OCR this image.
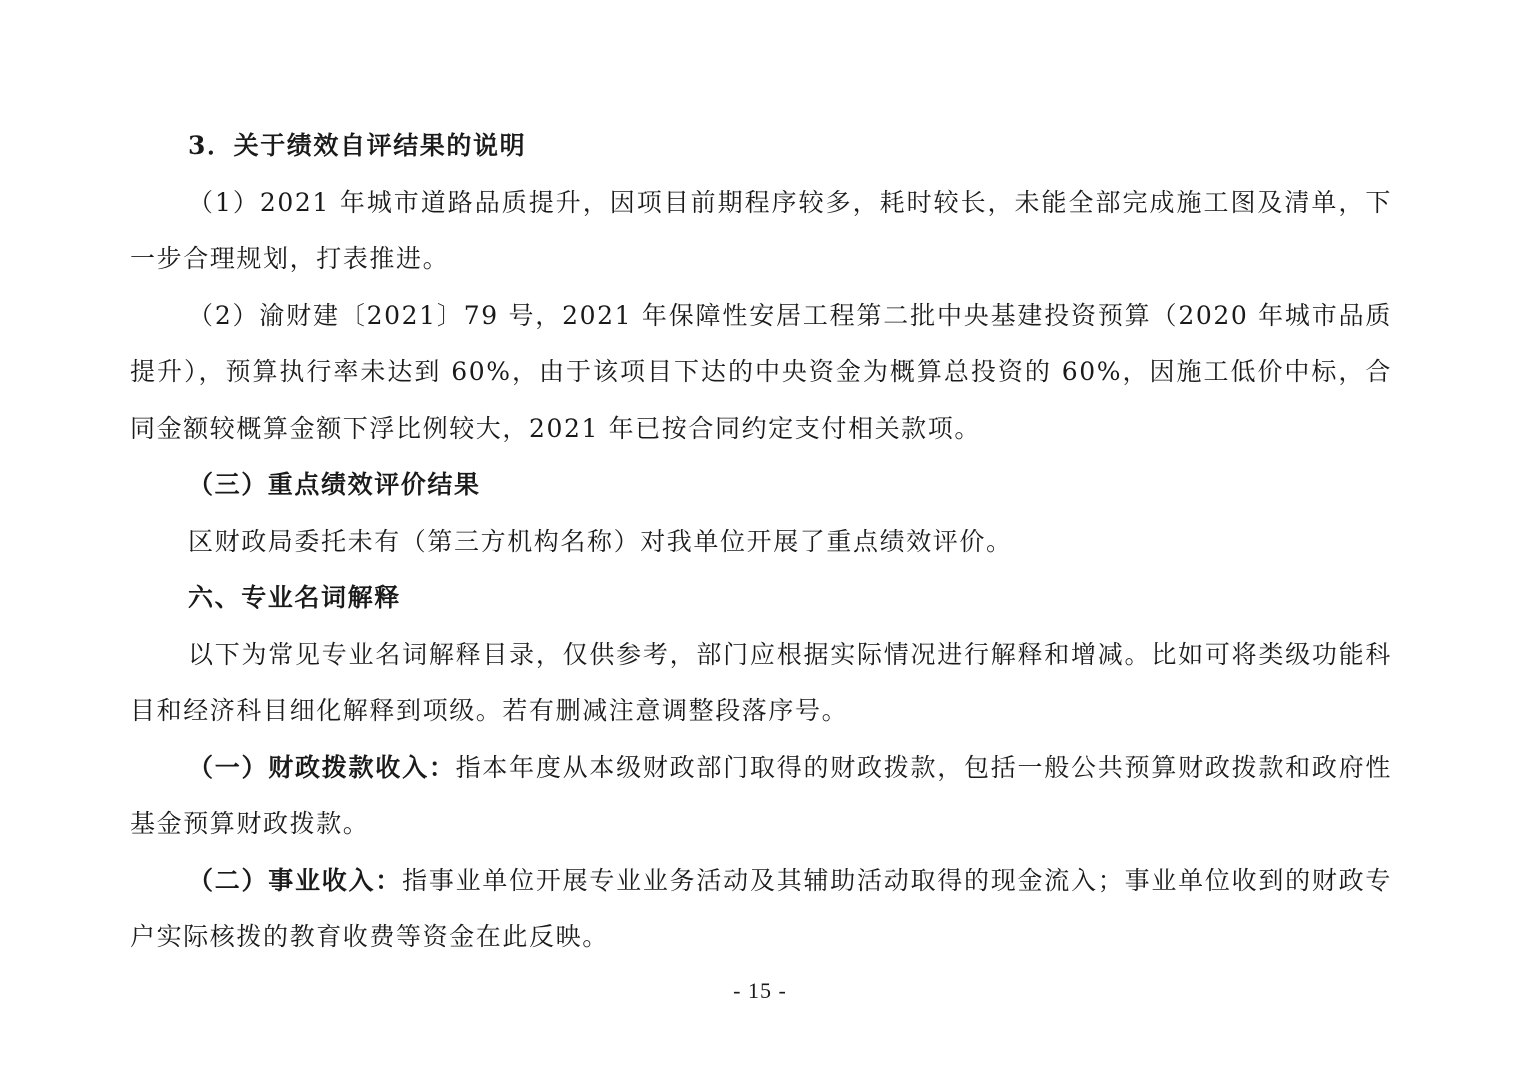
3．关于绩效自评结果的说明

（1）2021 年城市道路品质提升，因项目前期程序较多，耗时较长，未能全部完成施工图及清单，下一步合理规划，打表推进。

（2）渝财建〔2021〕79 号，2021 年保障性安居工程第二批中央基建投资预算（2020 年城市品质提升），预算执行率未达到 60%，由于该项目下达的中央资金为概算总投资的 60%，因施工低价中标，合同金额较概算金额下浮比例较大，2021 年已按合同约定支付相关款项。

（三）重点绩效评价结果

区财政局委托未有（第三方机构名称）对我单位开展了重点绩效评价。

六、专业名词解释

以下为常见专业名词解释目录，仅供参考，部门应根据实际情况进行解释和增减。比如可将类级功能科目和经济科目细化解释到项级。若有删减注意调整段落序号。

（一）财政拨款收入：指本年度从本级财政部门取得的财政拨款，包括一般公共预算财政拨款和政府性基金预算财政拨款。

（二）事业收入：指事业单位开展专业业务活动及其辅助活动取得的现金流入；事业单位收到的财政专户实际核拨的教育收费等资金在此反映。

- 15 -
